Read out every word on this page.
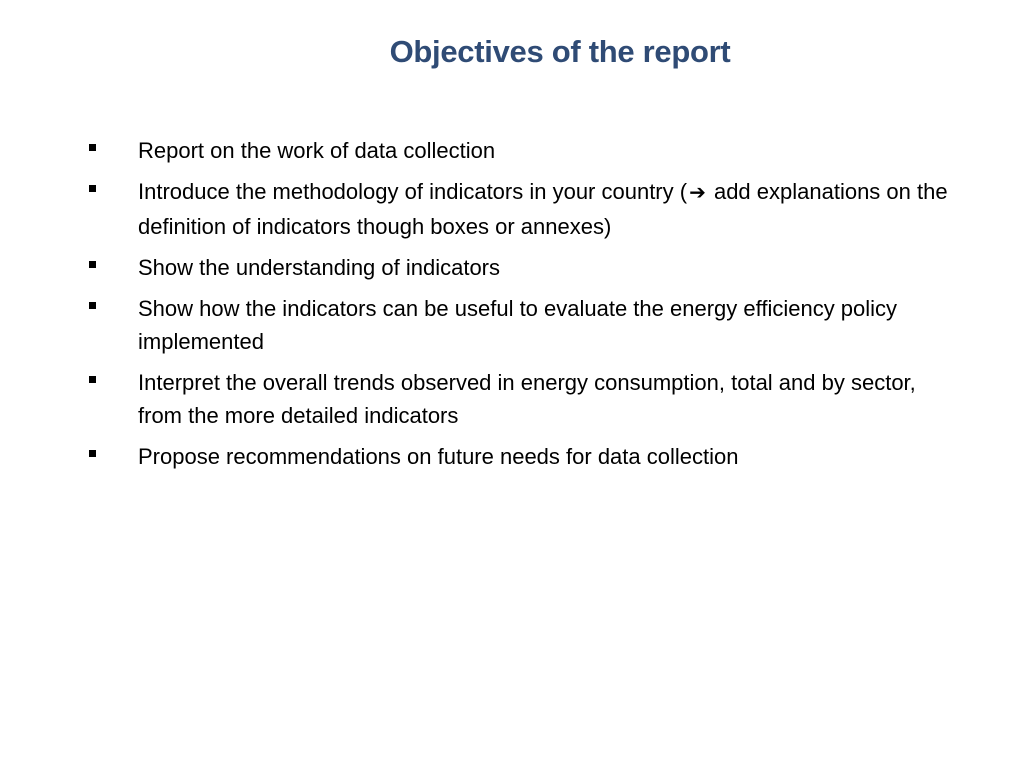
Objectives of the report
Report on the work of data collection
Introduce the methodology of indicators in your country ( ➔ add explanations on the definition of indicators though boxes or annexes)
Show the understanding of indicators
Show how the indicators can be useful to evaluate the energy efficiency policy implemented
Interpret the overall trends observed in energy consumption, total and by sector, from the more detailed indicators
Propose recommendations on future needs for data collection
